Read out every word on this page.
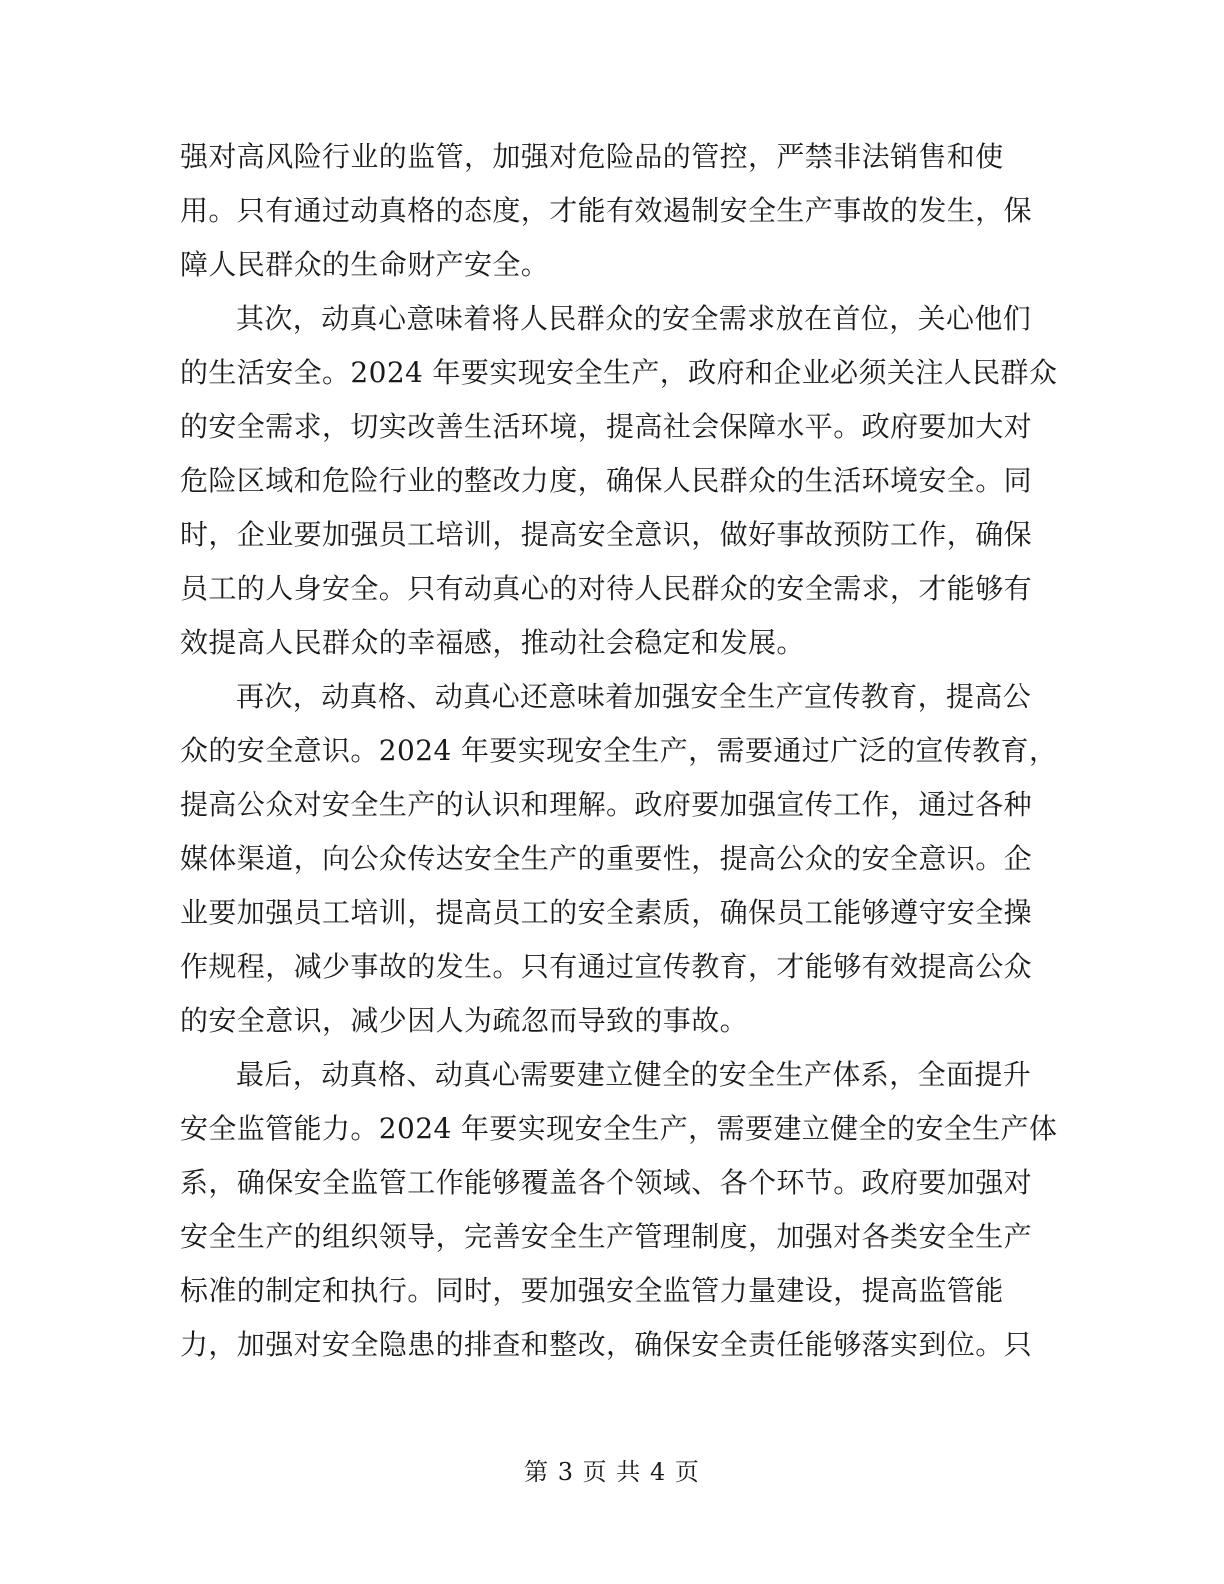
强对高风险行业的监管，加强对危险品的管控，严禁非法销售和使
用。只有通过动真格的态度，才能有效遏制安全生产事故的发生，保
障人民群众的生命财产安全。
其次，动真心意味着将人民群众的安全需求放在首位，关心他们
的生活安全。2024 年要实现安全生产，政府和企业必须关注人民群众
的安全需求，切实改善生活环境，提高社会保障水平。政府要加大对
危险区域和危险行业的整改力度，确保人民群众的生活环境安全。同
时，企业要加强员工培训，提高安全意识，做好事故预防工作，确保
员工的人身安全。只有动真心的对待人民群众的安全需求，才能够有
效提高人民群众的幸福感，推动社会稳定和发展。
再次，动真格、动真心还意味着加强安全生产宣传教育，提高公
众的安全意识。2024 年要实现安全生产，需要通过广泛的宣传教育，
提高公众对安全生产的认识和理解。政府要加强宣传工作，通过各种
媒体渠道，向公众传达安全生产的重要性，提高公众的安全意识。企
业要加强员工培训，提高员工的安全素质，确保员工能够遵守安全操
作规程，减少事故的发生。只有通过宣传教育，才能够有效提高公众
的安全意识，减少因人为疏忽而导致的事故。
最后，动真格、动真心需要建立健全的安全生产体系，全面提升
安全监管能力。2024 年要实现安全生产，需要建立健全的安全生产体
系，确保安全监管工作能够覆盖各个领域、各个环节。政府要加强对
安全生产的组织领导，完善安全生产管理制度，加强对各类安全生产
标准的制定和执行。同时，要加强安全监管力量建设，提高监管能
力，加强对安全隐患的排查和整改，确保安全责任能够落实到位。只
第 3 页 共 4 页
